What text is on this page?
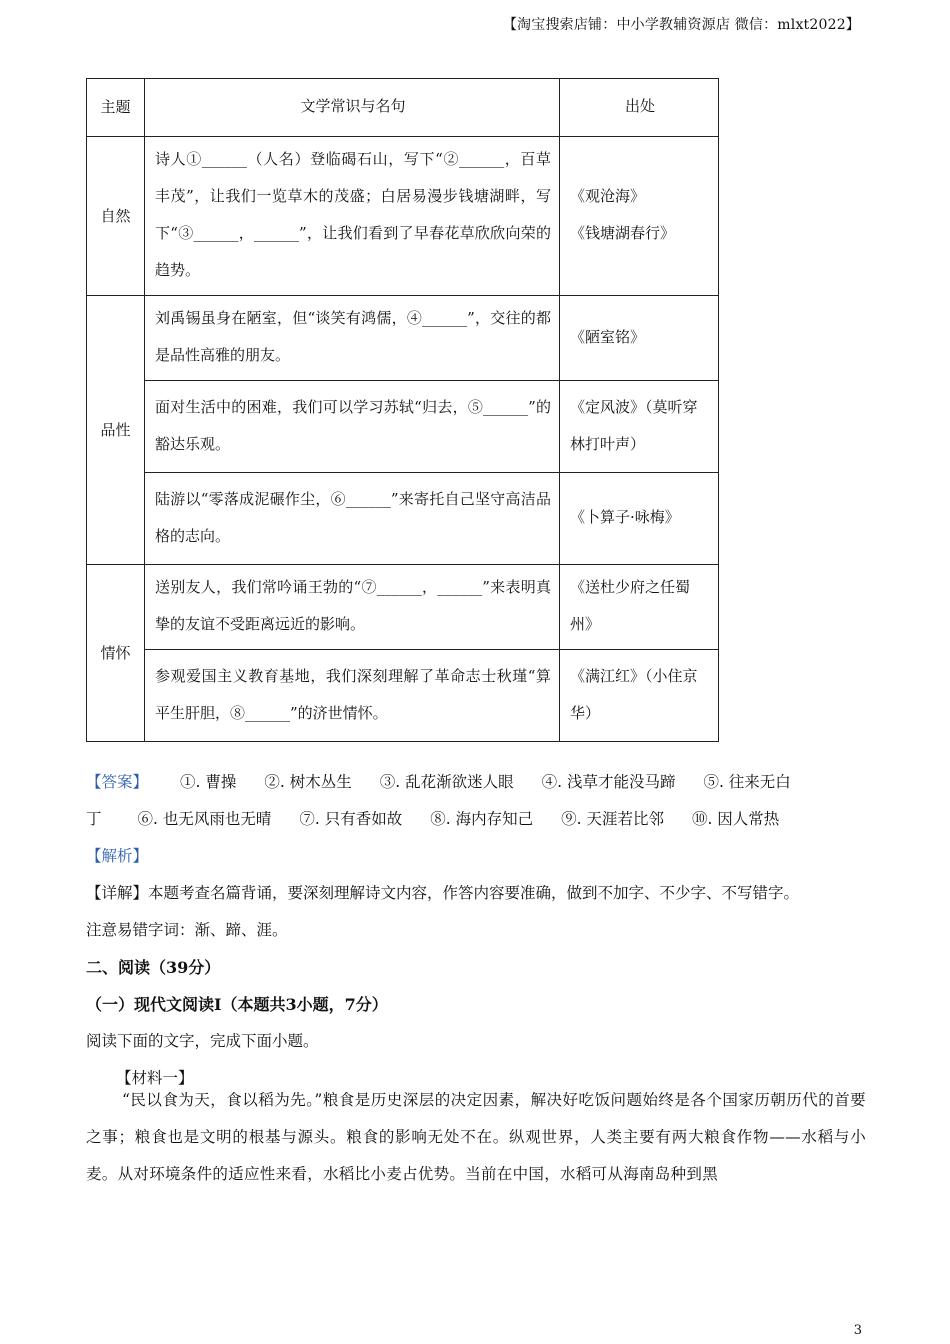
【淘宝搜索店铺：中小学教辅资源店 微信：mlxt2022】
主题	文学常识与名句	出处
自然	诗人①______（人名）登临碣石山，写下“②______，百草丰茂”，让我们一览草木的茂盛；白居易漫步钱塘湖畔，写下“③______，______”，让我们看到了早春花草欣欣向荣的趋势。	《观沧海》
《钱塘湖春行》
品性	刘禹锡虽身在陋室，但“谈笑有鸿儒，④______”，交往的都是品性高雅的朋友。	《陋室铭》
	面对生活中的困难，我们可以学习苏轼“归去，⑤______”的豁达乐观。	《定风波》（莫听穿林打叶声）
	陆游以“零落成泥碾作尘，⑥______”来寄托自己坚守高洁品格的志向。	《卜算子·咏梅》
情怀	送别友人，我们常吟诵王勃的“⑦______，______”来表明真挚的友谊不受距离远近的影响。	《送杜少府之任蜀州》
	参观爱国主义教育基地，我们深刻理解了革命志士秋瑾“算平生肝胆，⑧______”的济世情怀。	《满江红》（小住京华）
【答案】 ①. 曹操 ②. 树木丛生 ③. 乱花渐欲迷人眼 ④. 浅草才能没马蹄 ⑤. 往来无白
丁 ⑥. 也无风雨也无晴 ⑦. 只有香如故 ⑧. 海内存知己 ⑨. 天涯若比邻 ⑩. 因人常热
【解析】
【详解】本题考查名篇背诵，要深刻理解诗文内容，作答内容要准确，做到不加字、不少字、不写错字。
注意易错字词：渐、蹄、涯。
二、阅读（39分）
（一）现代文阅读Ⅰ（本题共3小题，7分）
阅读下面的文字，完成下面小题。
【材料一】
“民以食为天，食以稻为先。”粮食是历史深层的决定因素，解决好吃饭问题始终是各个国家历朝历代的首要之事；粮食也是文明的根基与源头。粮食的影响无处不在。纵观世界，人类主要有两大粮食作物——水稻与小麦。从对环境条件的适应性来看，水稻比小麦占优势。当前在中国，水稻可从海南岛种到黑
3
